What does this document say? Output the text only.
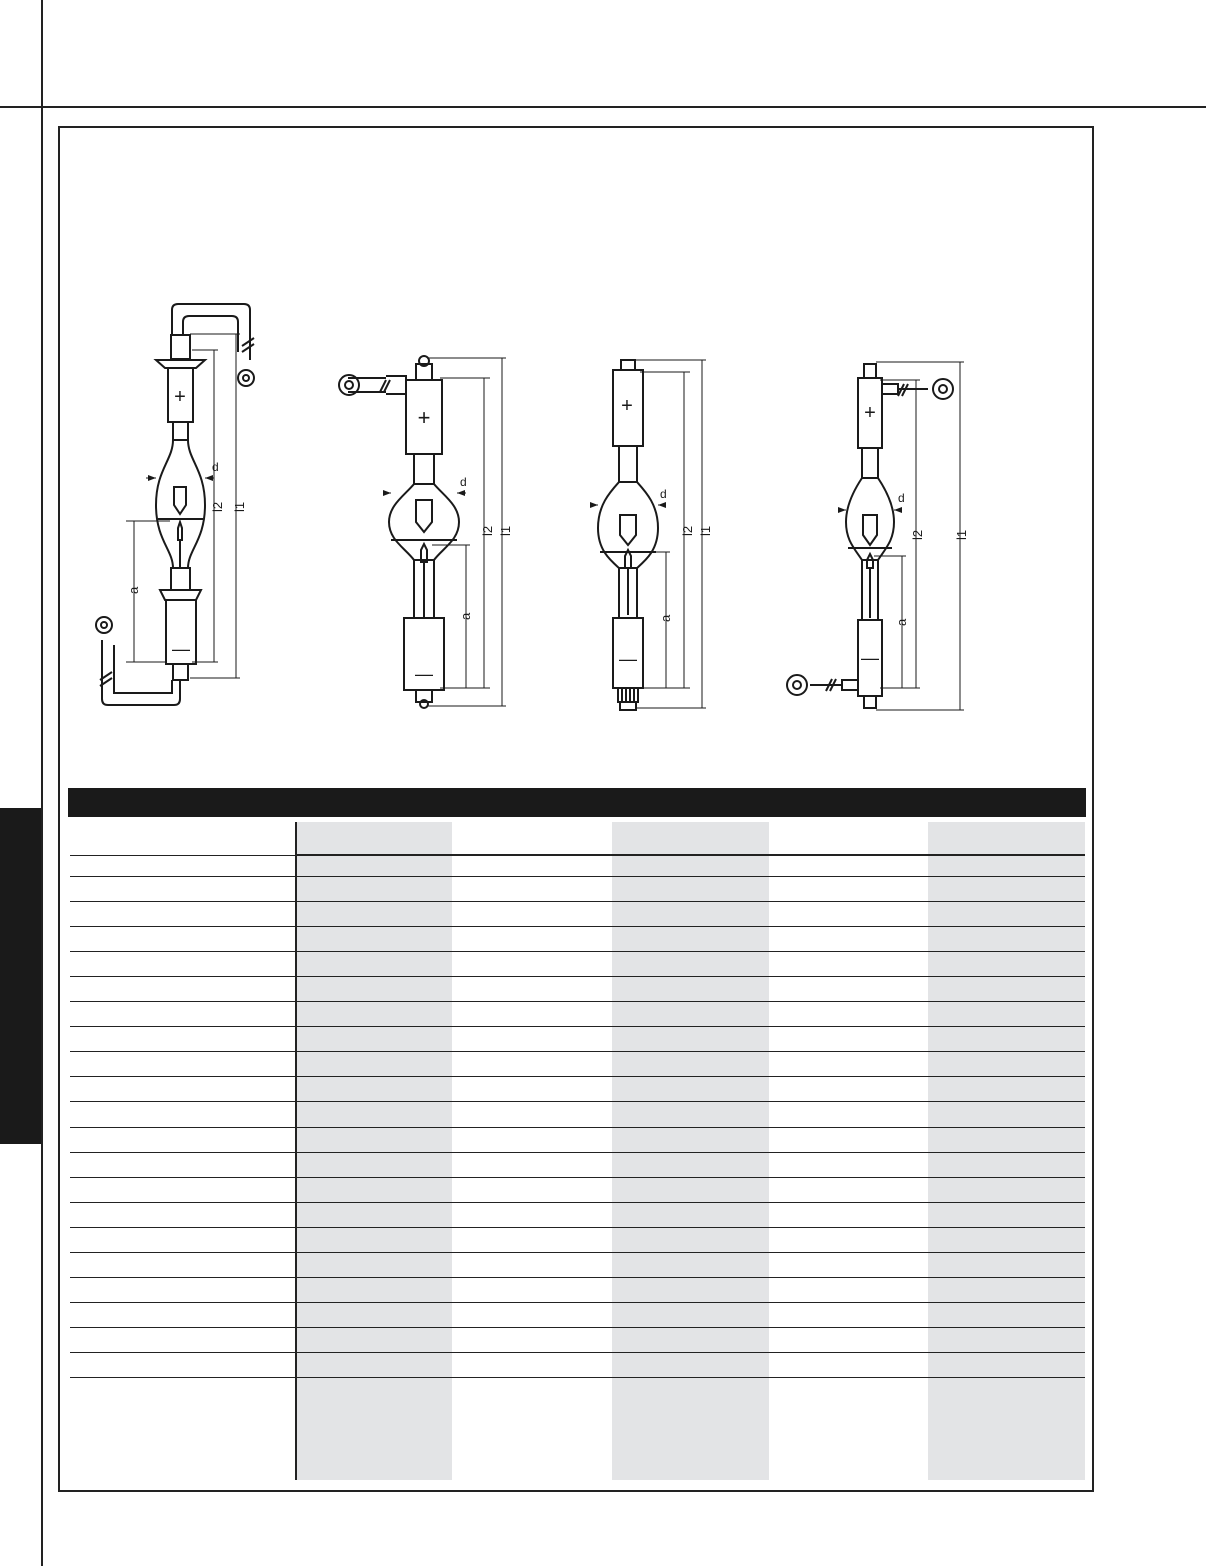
+
—
d
l2 l1
a
+
—
d
l2 l1
a
+
—
d
l2 l1
a
+
—
d
l2 l1
a
